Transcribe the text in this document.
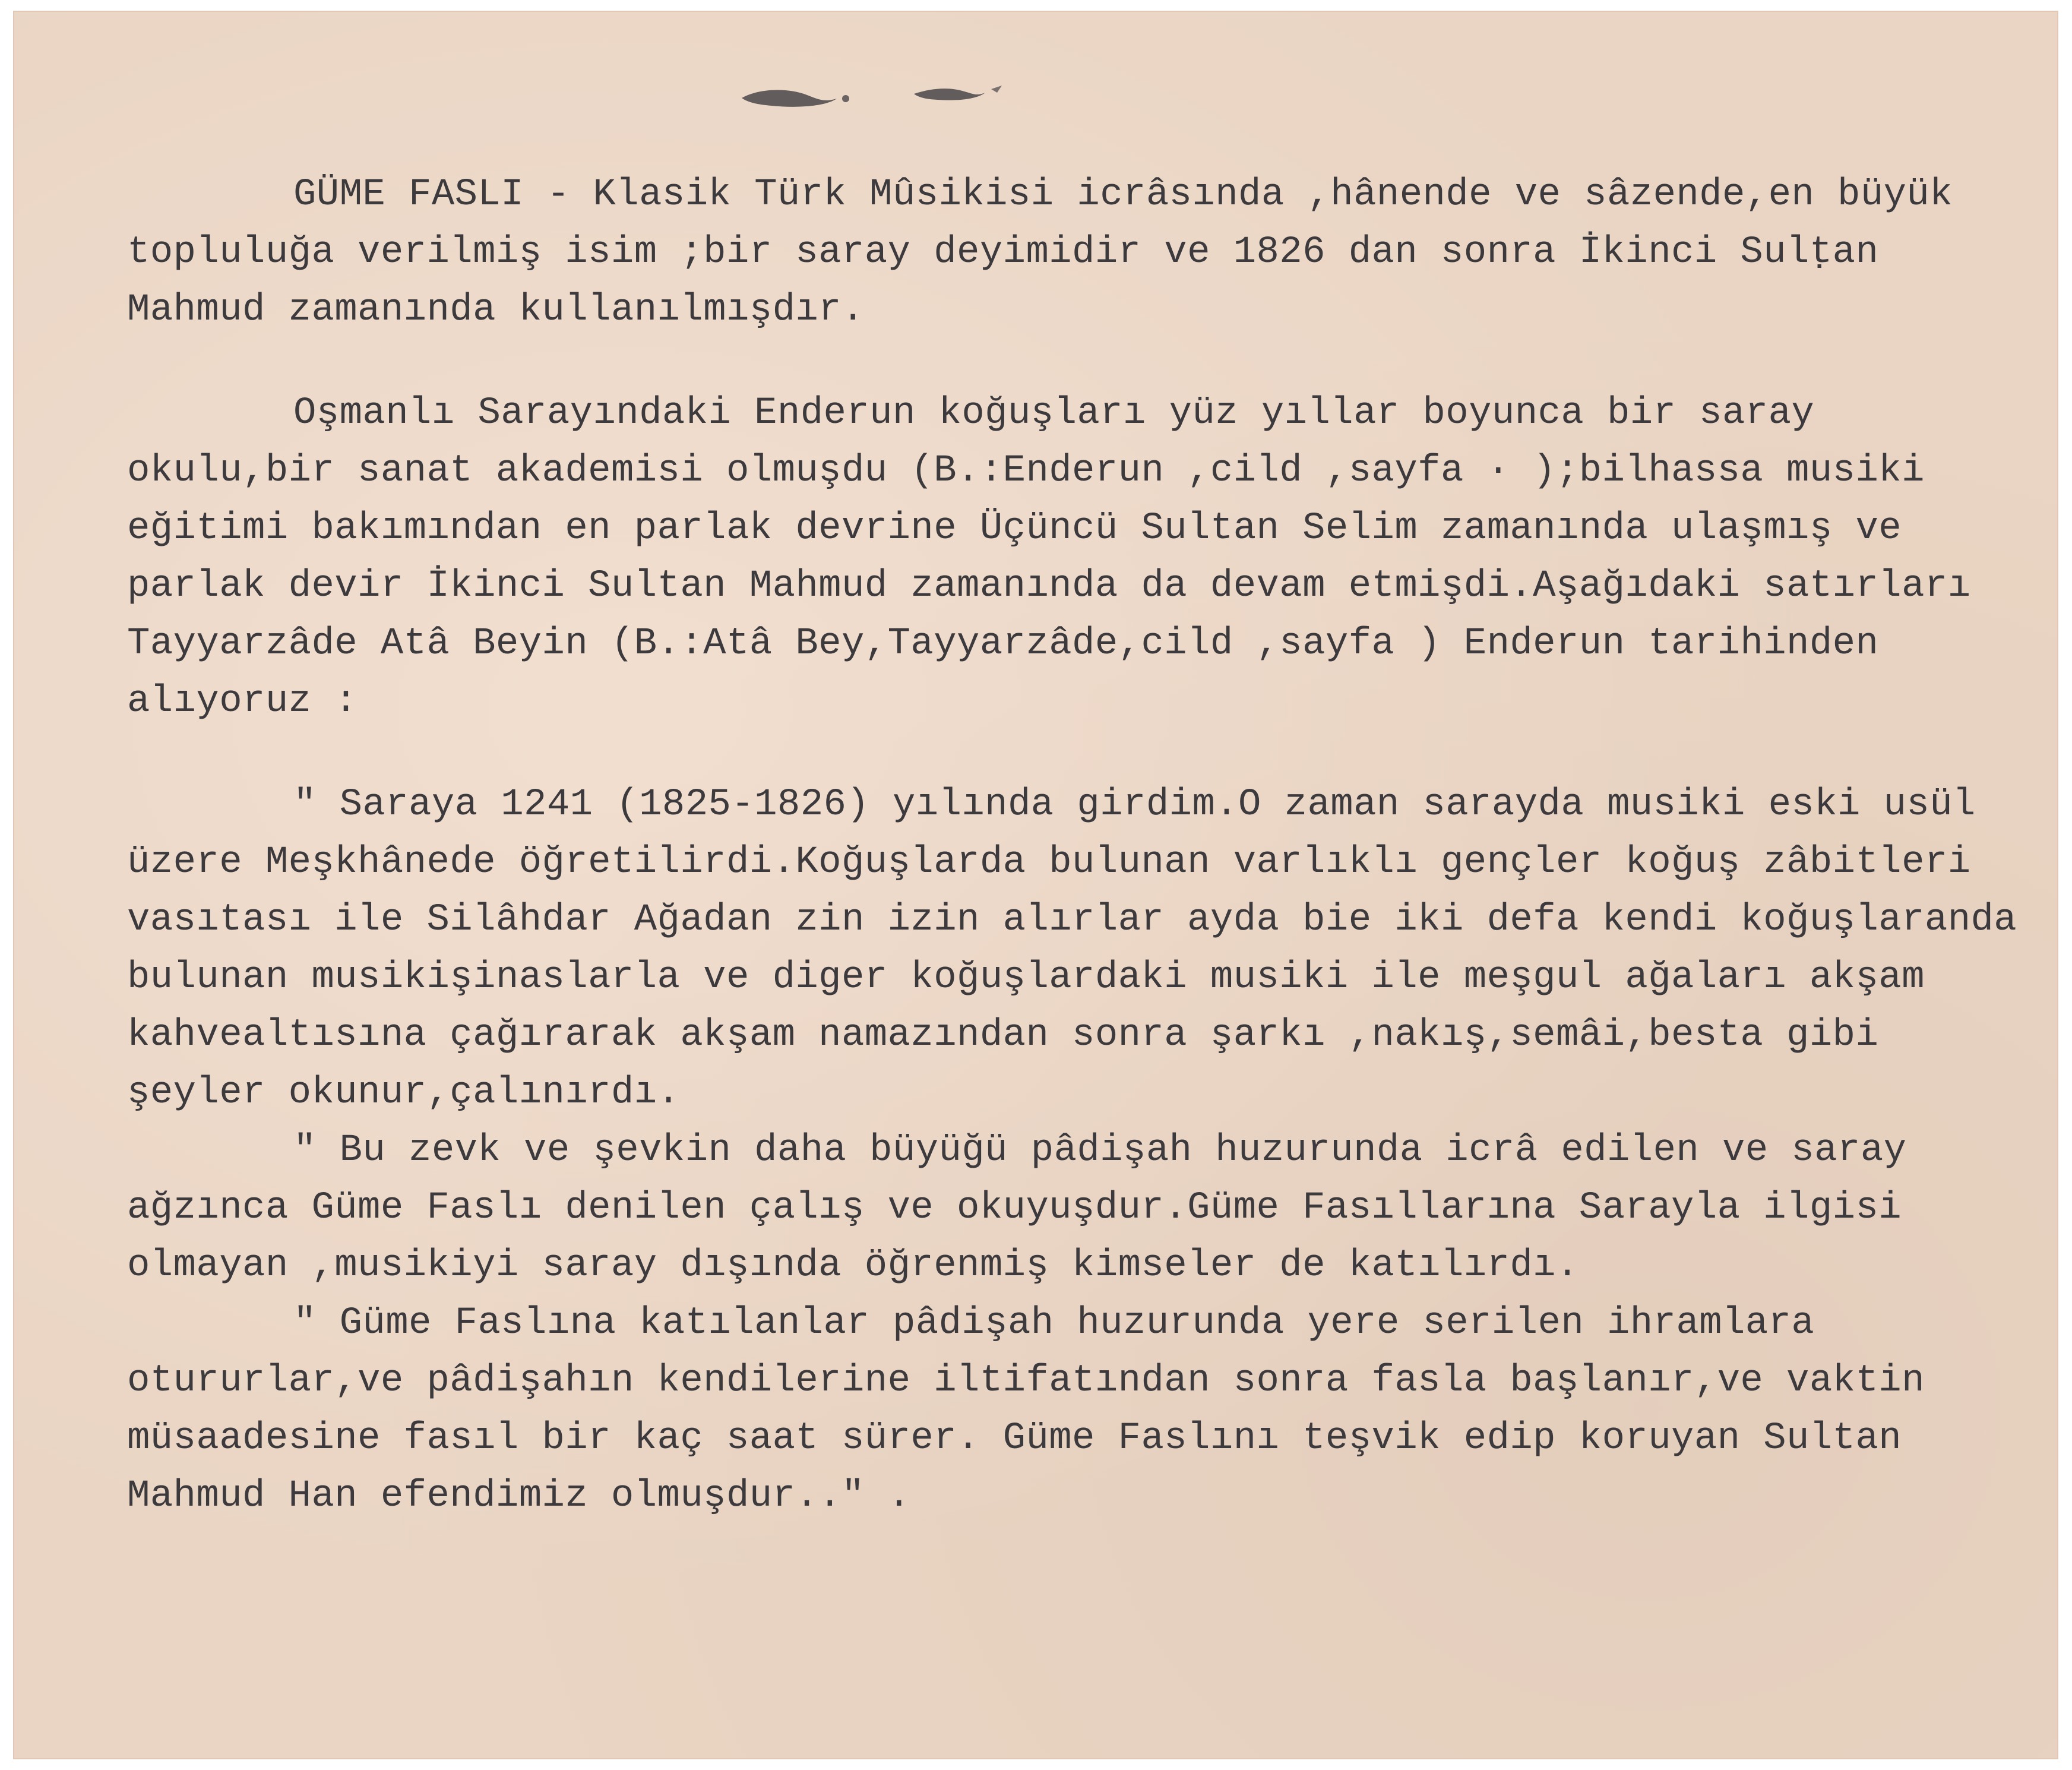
GÜME FASLI - Klasik Türk Mûsikisi icrâsında ,hânende ve sâzende,en büyük topluluğa verilmiş isim ;bir saray deyimidir ve 1826 dan sonra İkinci Sulṭan Mahmud zamanında kullanılmışdır.

Oşmanlı Sarayındaki Enderun koğuşları yüz yıllar boyunca bir saray okulu,bir sanat akademisi olmuşdu (B.:Enderun ,cild ,sayfa · );bilhassa musiki eğitimi bakımından en parlak devrine Üçüncü Sultan Selim zamanında ulaşmış ve parlak devir İkinci Sultan Mahmud zamanında da devam etmişdi.Aşağıdaki satırları Tayyarzâde Atâ Beyin (B.:Atâ Bey,Tayyarzâde,cild ,sayfa ) Enderun tarihinden alıyoruz :

" Saraya 1241 (1825-1826) yılında girdim.O zaman sarayda musiki eski usül üzere Meşkhânede öğretilirdi.Koğuşlarda bulunan varlıklı gençler koğuş zâbitleri vasıtası ile Silâhdar Ağadan zin izin alırlar ayda bie iki defa kendi koğuşlaranda bulunan musikişinaslarla ve diger koğuşlardaki musiki ile meşgul ağaları akşam kahvealtısına çağırarak akşam namazından sonra şarkı ,nakış,semâi,besta gibi şeyler okunur,çalınırdı.

" Bu zevk ve şevkin daha büyüğü pâdişah huzurunda icrâ edilen ve saray ağzınca Güme Faslı denilen çalış ve okuyuşdur.Güme Fasıllarına Sarayla ilgisi olmayan ,musikiyi saray dışında öğrenmiş kimseler de katılırdı.

" Güme Faslına katılanlar pâdişah huzurunda yere serilen ihramlara otururlar,ve pâdişahın kendilerine iltifatından sonra fasla başlanır,ve vaktin müsaadesine fasıl bir kaç saat sürer. Güme Faslını teşvik edip koruyan Sultan Mahmud Han efendimiz olmuşdur.." .
